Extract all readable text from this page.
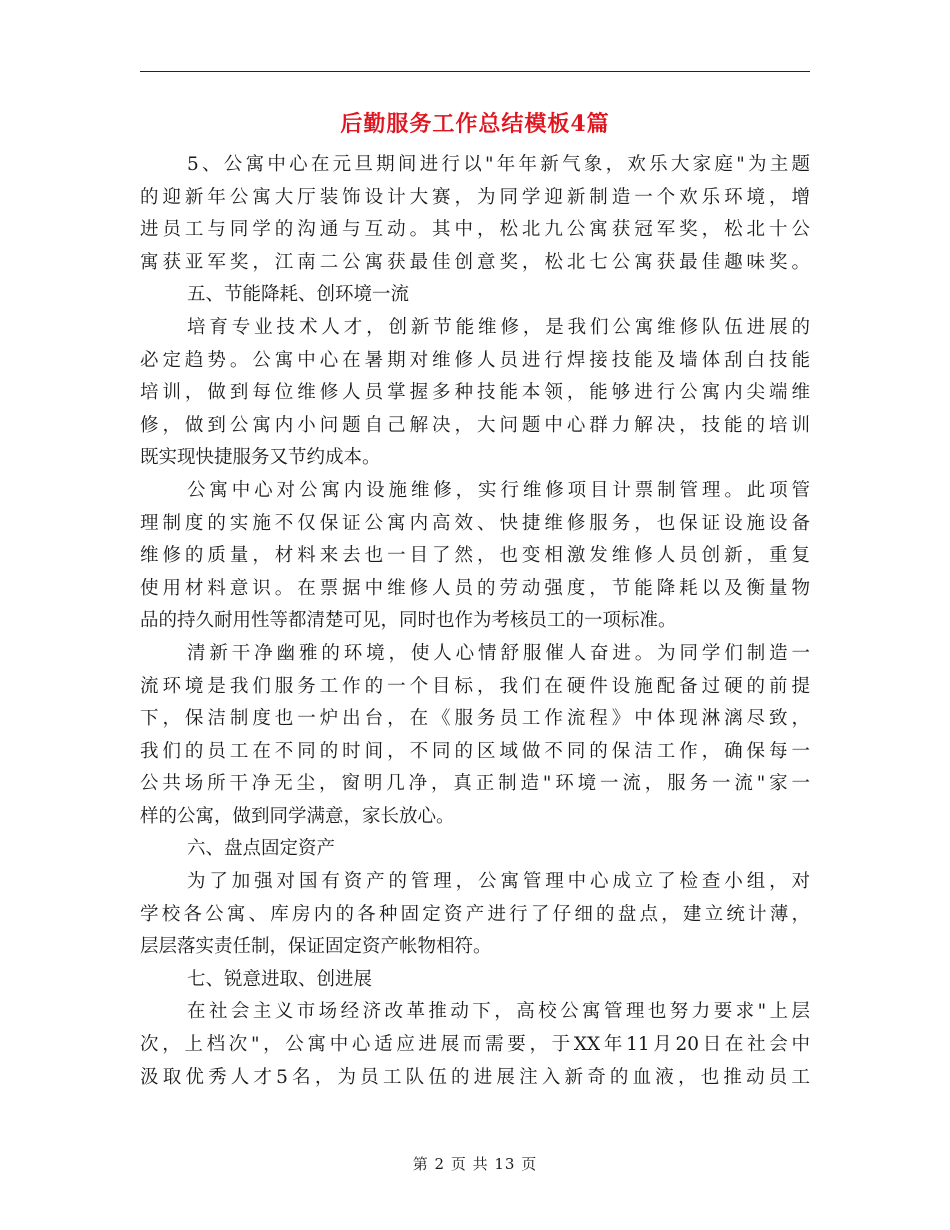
后勤服务工作总结模板4篇
5、公寓中心在元旦期间进行以"年年新气象，欢乐大家庭"为主题
的迎新年公寓大厅装饰设计大赛，为同学迎新制造一个欢乐环境，增
进员工与同学的沟通与互动。其中，松北九公寓获冠军奖，松北十公
寓获亚军奖，江南二公寓获最佳创意奖，松北七公寓获最佳趣味奖。
五、节能降耗、创环境一流
培育专业技术人才，创新节能维修，是我们公寓维修队伍进展的
必定趋势。公寓中心在暑期对维修人员进行焊接技能及墙体刮白技能
培训，做到每位维修人员掌握多种技能本领，能够进行公寓内尖端维
修，做到公寓内小问题自己解决，大问题中心群力解决，技能的培训
既实现快捷服务又节约成本。
公寓中心对公寓内设施维修，实行维修项目计票制管理。此项管
理制度的实施不仅保证公寓内高效、快捷维修服务，也保证设施设备
维修的质量，材料来去也一目了然，也变相激发维修人员创新，重复
使用材料意识。在票据中维修人员的劳动强度，节能降耗以及衡量物
品的持久耐用性等都清楚可见，同时也作为考核员工的一项标准。
清新干净幽雅的环境，使人心情舒服催人奋进。为同学们制造一
流环境是我们服务工作的一个目标，我们在硬件设施配备过硬的前提
下，保洁制度也一炉出台，在《服务员工作流程》中体现淋漓尽致，
我们的员工在不同的时间，不同的区域做不同的保洁工作，确保每一
公共场所干净无尘，窗明几净，真正制造"环境一流，服务一流"家一
样的公寓，做到同学满意，家长放心。
六、盘点固定资产
为了加强对国有资产的管理，公寓管理中心成立了检查小组，对
学校各公寓、库房内的各种固定资产进行了仔细的盘点，建立统计薄，
层层落实责任制，保证固定资产帐物相符。
七、锐意进取、创进展
在社会主义市场经济改革推动下，高校公寓管理也努力要求"上层
次，上档次"，公寓中心适应进展而需要，于XX年11月20日在社会中
汲取优秀人才5名，为员工队伍的进展注入新奇的血液，也推动员工
第 2 页 共 13 页
